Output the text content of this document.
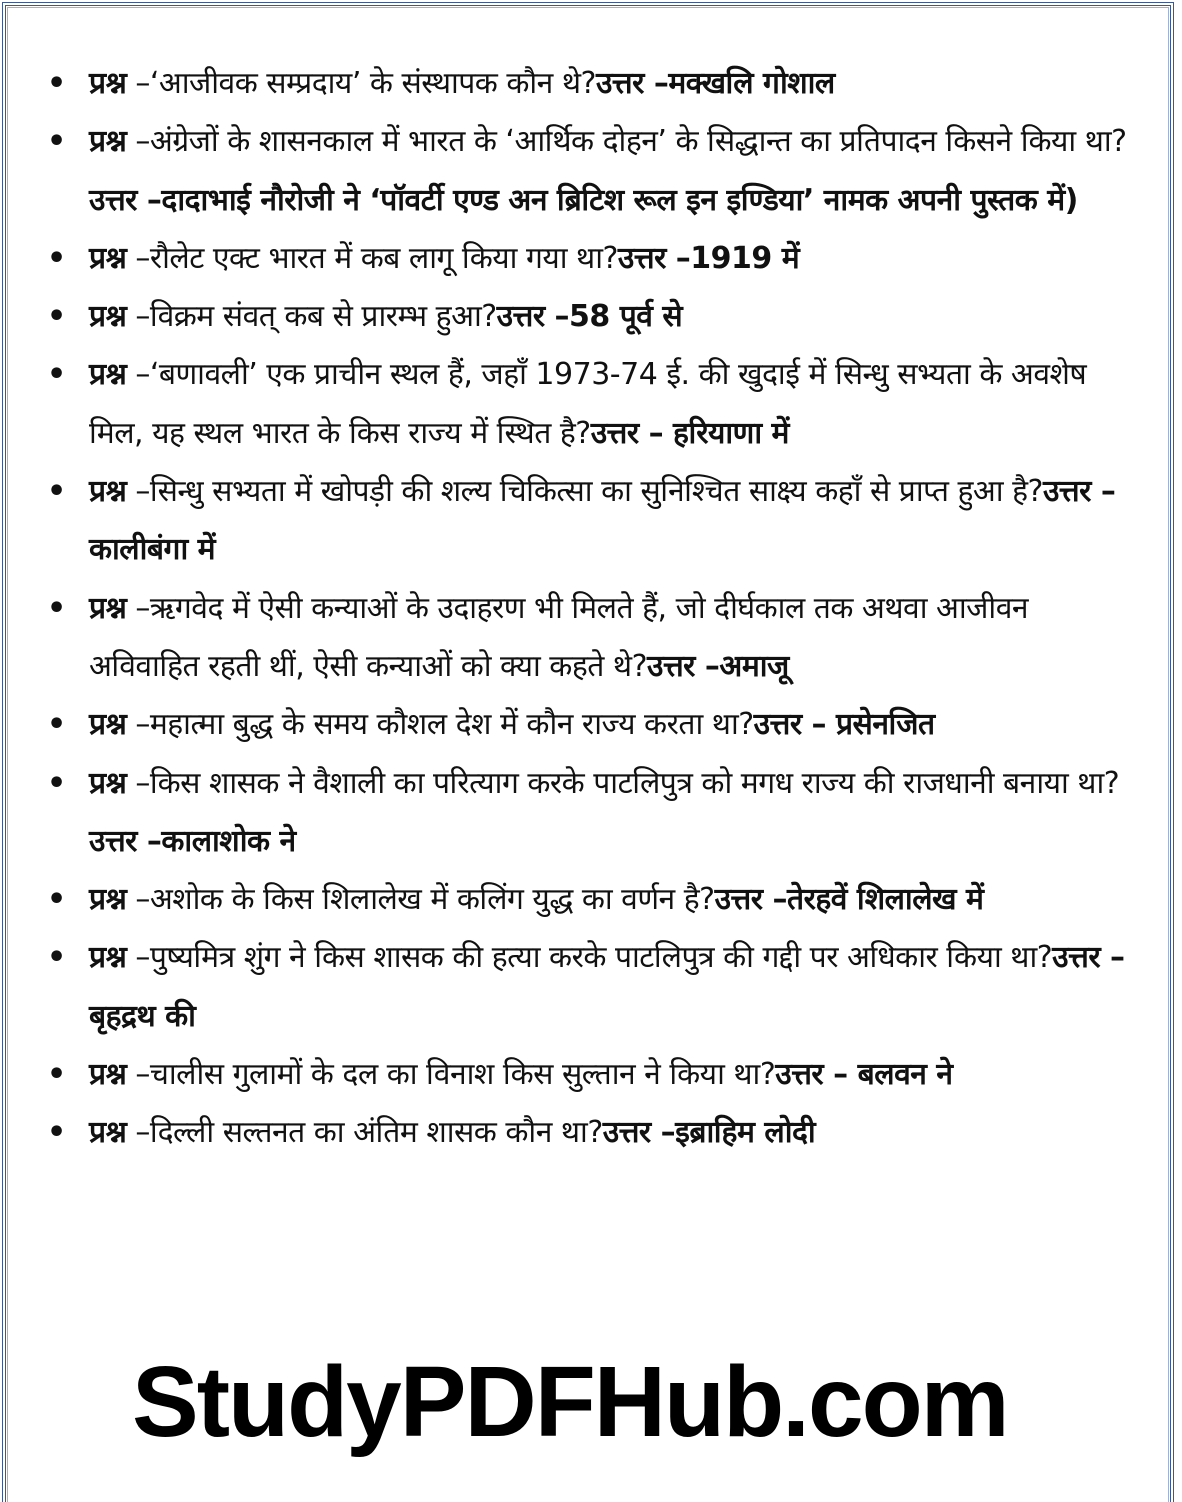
• प्रश्न –‘आजीवक सम्प्रदाय’ के संस्थापक कौन थे?उत्तर –मक्खलि गोशाल
• प्रश्न –अंग्रेजों के शासनकाल में भारत के ‘आर्थिक दोहन’ के सिद्धान्त का प्रतिपादन किसने किया था?उत्तर –दादाभाई नौरोजी ने ‘पॉवर्टी एण्ड अन ब्रिटिश रूल इन इण्डिया’ नामक अपनी पुस्तक में)
• प्रश्न –रौलेट एक्ट भारत में कब लागू किया गया था?उत्तर –1919 में
• प्रश्न –विक्रम संवत् कब से प्रारम्भ हुआ?उत्तर –58 पूर्व से
• प्रश्न –‘बणावली’ एक प्राचीन स्थल हैं, जहाँ 1973-74 ई. की खुदाई में सिन्धु सभ्यता के अवशेष मिल, यह स्थल भारत के किस राज्य में स्थित है?उत्तर – हरियाणा में
• प्रश्न –सिन्धु सभ्यता में खोपड़ी की शल्य चिकित्सा का सुनिश्चित साक्ष्य कहाँ से प्राप्त हुआ है?उत्तर –कालीबंगा में
• प्रश्न –ऋगवेद में ऐसी कन्याओं के उदाहरण भी मिलते हैं, जो दीर्घकाल तक अथवा आजीवन अविवाहित रहती थीं, ऐसी कन्याओं को क्या कहते थे?उत्तर –अमाजू
• प्रश्न –महात्मा बुद्ध के समय कौशल देश में कौन राज्य करता था?उत्तर – प्रसेनजित
• प्रश्न –किस शासक ने वैशाली का परित्याग करके पाटलिपुत्र को मगध राज्य की राजधानी बनाया था?उत्तर –कालाशोक ने
• प्रश्न –अशोक के किस शिलालेख में कलिंग युद्ध का वर्णन है?उत्तर –तेरहवें शिलालेख में
• प्रश्न –पुष्यमित्र शुंग ने किस शासक की हत्या करके पाटलिपुत्र की गद्दी पर अधिकार किया था?उत्तर –बृहद्रथ की
• प्रश्न –चालीस गुलामों के दल का विनाश किस सुल्तान ने किया था?उत्तर – बलवन ने
• प्रश्न –दिल्ली सल्तनत का अंतिम शासक कौन था?उत्तर –इब्राहिम लोदी
StudyPDFHub.com
